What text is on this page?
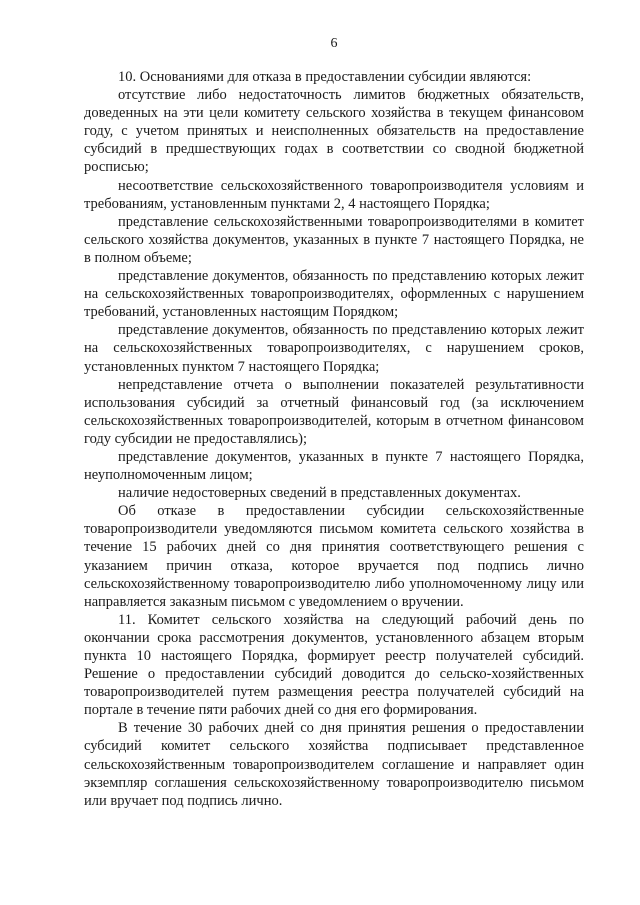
6

10. Основаниями для отказа в предоставлении субсидии являются:

отсутствие либо недостаточность лимитов бюджетных обязательств, доведенных на эти цели комитету сельского хозяйства в текущем финансовом году, с учетом принятых и неисполненных обязательств на предоставление субсидий в предшествующих годах в соответствии со сводной бюджетной росписью;

несоответствие сельскохозяйственного товаропроизводителя условиям и требованиям, установленным пунктами 2, 4 настоящего Порядка;

представление сельскохозяйственными товаропроизводителями в комитет сельского хозяйства документов, указанных в пункте 7 настоящего Порядка, не в полном объеме;

представление документов, обязанность по представлению которых лежит на сельскохозяйственных товаропроизводителях, оформленных с нарушением требований, установленных настоящим Порядком;

представление документов, обязанность по представлению которых лежит на сельскохозяйственных товаропроизводителях, с нарушением сроков, установленных пунктом 7 настоящего Порядка;

непредставление отчета о выполнении показателей результативности использования субсидий за отчетный финансовый год (за исключением сельскохозяйственных товаропроизводителей, которым в отчетном финансовом году субсидии не предоставлялись);

представление документов, указанных в пункте 7 настоящего Порядка, неуполномоченным лицом;

наличие недостоверных сведений в представленных документах.

Об отказе в предоставлении субсидии сельскохозяйственные товаропроизводители уведомляются письмом комитета сельского хозяйства в течение 15 рабочих дней со дня принятия соответствующего решения с указанием причин отказа, которое вручается под подпись лично сельскохозяйственному товаропроизводителю либо уполномоченному лицу или направляется заказным письмом с уведомлением о вручении.

11. Комитет сельского хозяйства на следующий рабочий день по окончании срока рассмотрения документов, установленного абзацем вторым пункта 10 настоящего Порядка, формирует реестр получателей субсидий. Решение о предоставлении субсидий доводится до сельско-хозяйственных товаропроизводителей путем размещения реестра получателей субсидий на портале в течение пяти рабочих дней со дня его формирования.

В течение 30 рабочих дней со дня принятия решения о предоставлении субсидий комитет сельского хозяйства подписывает представленное сельскохозяйственным товаропроизводителем соглашение и направляет один экземпляр соглашения сельскохозяйственному товаропроизводителю письмом или вручает под подпись лично.
